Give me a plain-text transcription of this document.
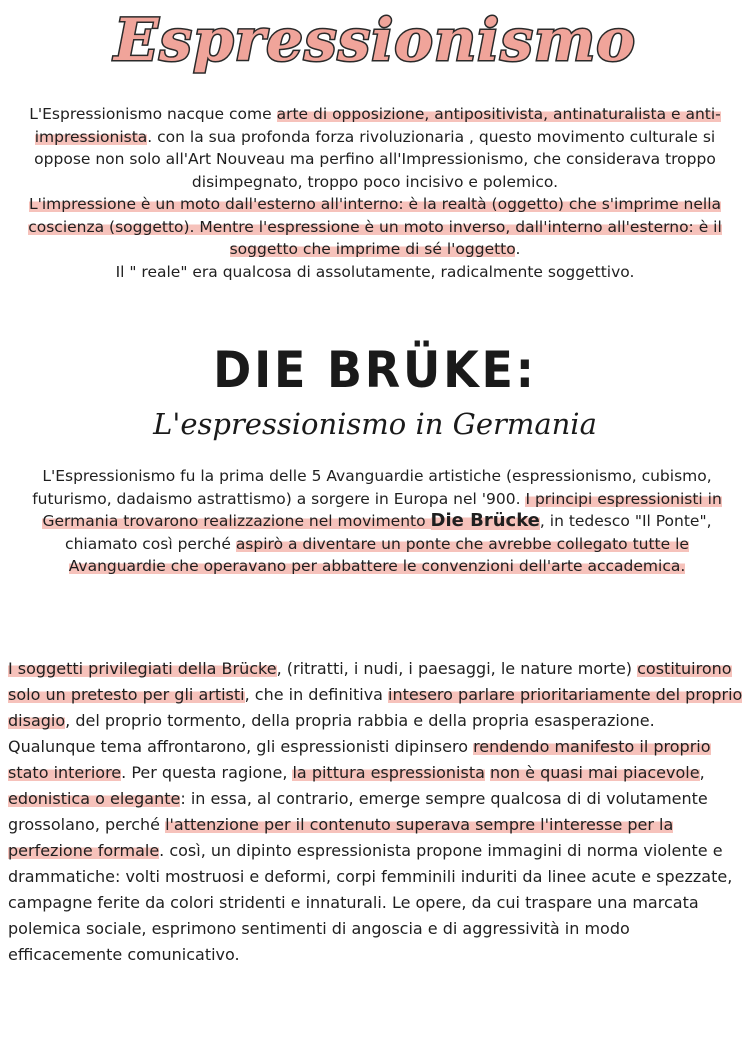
Espressionismo

L'Espressionismo nacque come arte di opposizione, antipositivista, antinaturalista e anti-impressionista. con la sua profonda forza rivoluzionaria , questo movimento culturale si oppose non solo all'Art Nouveau ma perfino all'Impressionismo, che considerava troppo disimpegnato, troppo poco incisivo e polemico.
L'impressione è un moto dall'esterno all'interno: è la realtà (oggetto) che s'imprime nella coscienza (soggetto). Mentre l'espressione è un moto inverso, dall'interno all'esterno: è il soggetto che imprime di sé l'oggetto.
Il " reale" era qualcosa di assolutamente, radicalmente soggettivo.

DIE BRÜKE:
L'espressionismo in Germania

L'Espressionismo fu la prima delle 5 Avanguardie artistiche (espressionismo, cubismo, futurismo, dadaismo astrattismo) a sorgere in Europa nel '900. I principi espressionisti in Germania trovarono realizzazione nel movimento Die Brücke, in tedesco "Il Ponte", chiamato così perché aspirò a diventare un ponte che avrebbe collegato tutte le Avanguardie che operavano per abbattere le convenzioni dell'arte accademica.

I soggetti privilegiati della Brücke, (ritratti, i nudi, i paesaggi, le nature morte) costituirono solo un pretesto per gli artisti, che in definitiva intesero parlare prioritariamente del proprio disagio, del proprio tormento, della propria rabbia e della propria esasperazione. Qualunque tema affrontarono, gli espressionisti dipinsero rendendo manifesto il proprio stato interiore. Per questa ragione, la pittura espressionista non è quasi mai piacevole, edonistica o elegante: in essa, al contrario, emerge sempre qualcosa di di volutamente grossolano, perché l'attenzione per il contenuto superava sempre l'interesse per la perfezione formale. così, un dipinto espressionista propone immagini di norma violente e drammatiche: volti mostruosi e deformi, corpi femminili induriti da linee acute e spezzate, campagne ferite da colori stridenti e innaturali. Le opere, da cui traspare una marcata polemica sociale, esprimono sentimenti di angoscia e di aggressività in modo efficacemente comunicativo.
